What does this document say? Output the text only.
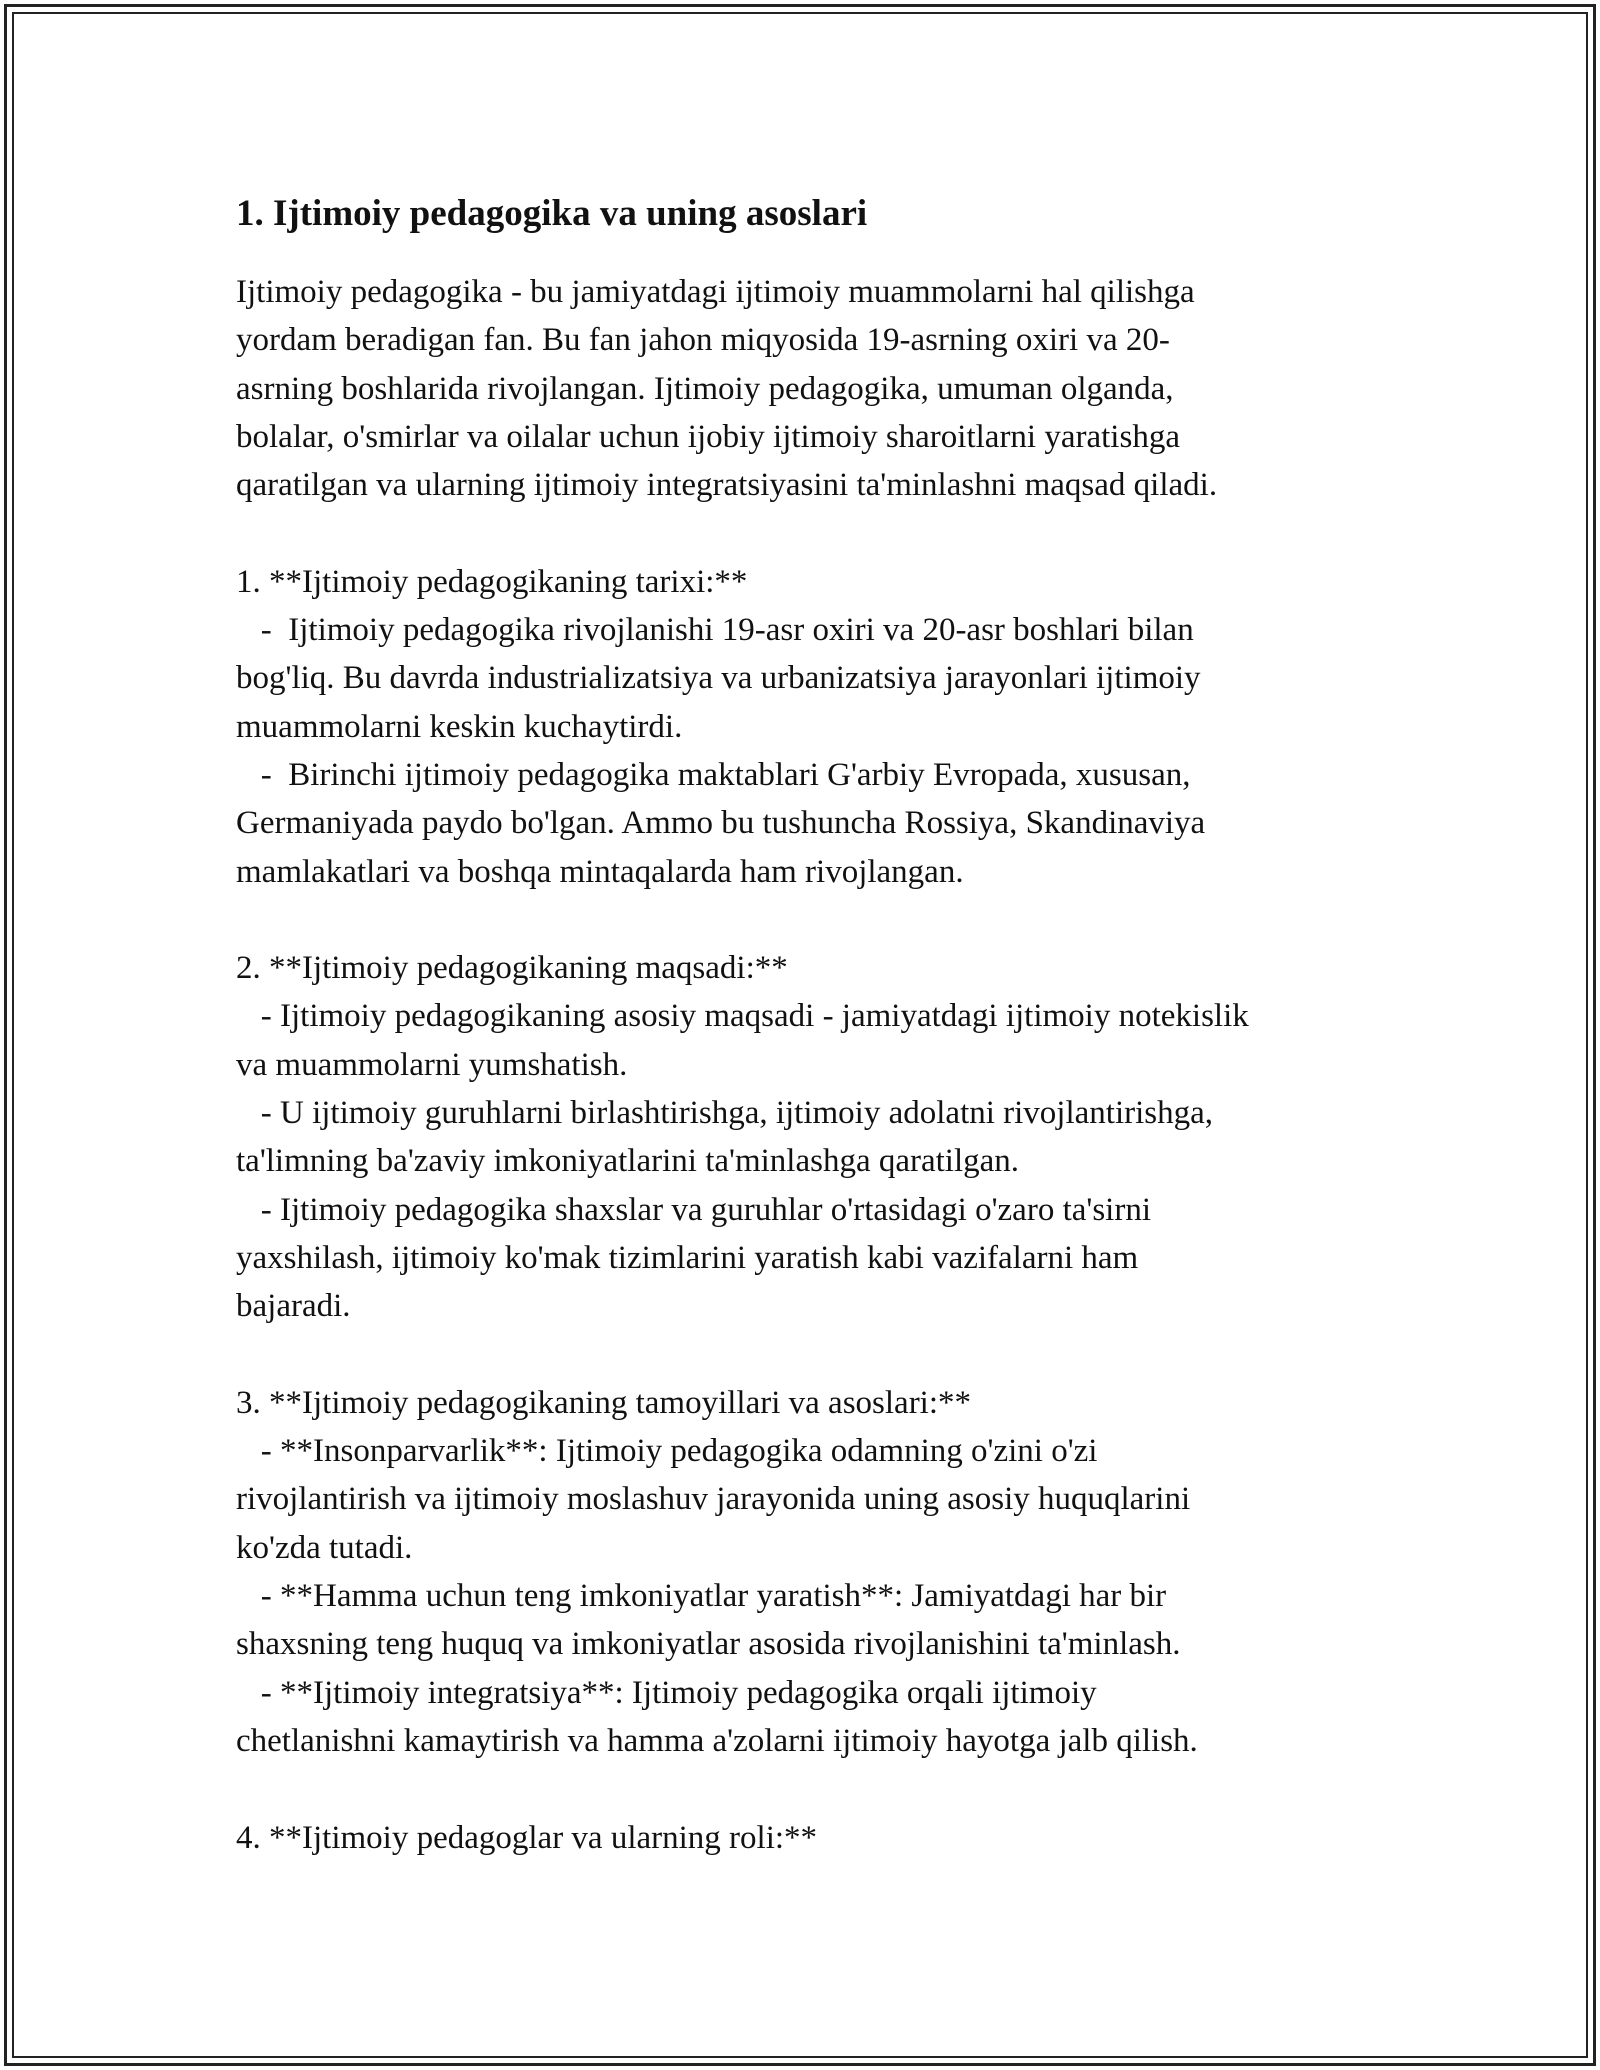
1. Ijtimoiy pedagogika va uning asoslari
Ijtimoiy pedagogika - bu jamiyatdagi ijtimoiy muammolarni hal qilishga
yordam beradigan fan. Bu fan jahon miqyosida 19-asrning oxiri va 20-
asrning boshlarida rivojlangan. Ijtimoiy pedagogika, umuman olganda,
bolalar, o'smirlar va oilalar uchun ijobiy ijtimoiy sharoitlarni yaratishga
qaratilgan va ularning ijtimoiy integratsiyasini ta'minlashni maqsad qiladi.
1. **Ijtimoiy pedagogikaning tarixi:**
-  Ijtimoiy pedagogika rivojlanishi 19-asr oxiri va 20-asr boshlari bilan
bog'liq. Bu davrda industrializatsiya va urbanizatsiya jarayonlari ijtimoiy
muammolarni keskin kuchaytirdi.
-  Birinchi ijtimoiy pedagogika maktablari G'arbiy Evropada, xususan,
Germaniyada paydo bo'lgan. Ammo bu tushuncha Rossiya, Skandinaviya
mamlakatlari va boshqa mintaqalarda ham rivojlangan.
2. **Ijtimoiy pedagogikaning maqsadi:**
- Ijtimoiy pedagogikaning asosiy maqsadi - jamiyatdagi ijtimoiy notekislik
va muammolarni yumshatish.
- U ijtimoiy guruhlarni birlashtirishga, ijtimoiy adolatni rivojlantirishga,
ta'limning ba'zaviy imkoniyatlarini ta'minlashga qaratilgan.
- Ijtimoiy pedagogika shaxslar va guruhlar o'rtasidagi o'zaro ta'sirni
yaxshilash, ijtimoiy ko'mak tizimlarini yaratish kabi vazifalarni ham
bajaradi.
3. **Ijtimoiy pedagogikaning tamoyillari va asoslari:**
- **Insonparvarlik**: Ijtimoiy pedagogika odamning o'zini o'zi
rivojlantirish va ijtimoiy moslashuv jarayonida uning asosiy huquqlarini
ko'zda tutadi.
- **Hamma uchun teng imkoniyatlar yaratish**: Jamiyatdagi har bir
shaxsning teng huquq va imkoniyatlar asosida rivojlanishini ta'minlash.
- **Ijtimoiy integratsiya**: Ijtimoiy pedagogika orqali ijtimoiy
chetlanishni kamaytirish va hamma a'zolarni ijtimoiy hayotga jalb qilish.
4. **Ijtimoiy pedagoglar va ularning roli:**
